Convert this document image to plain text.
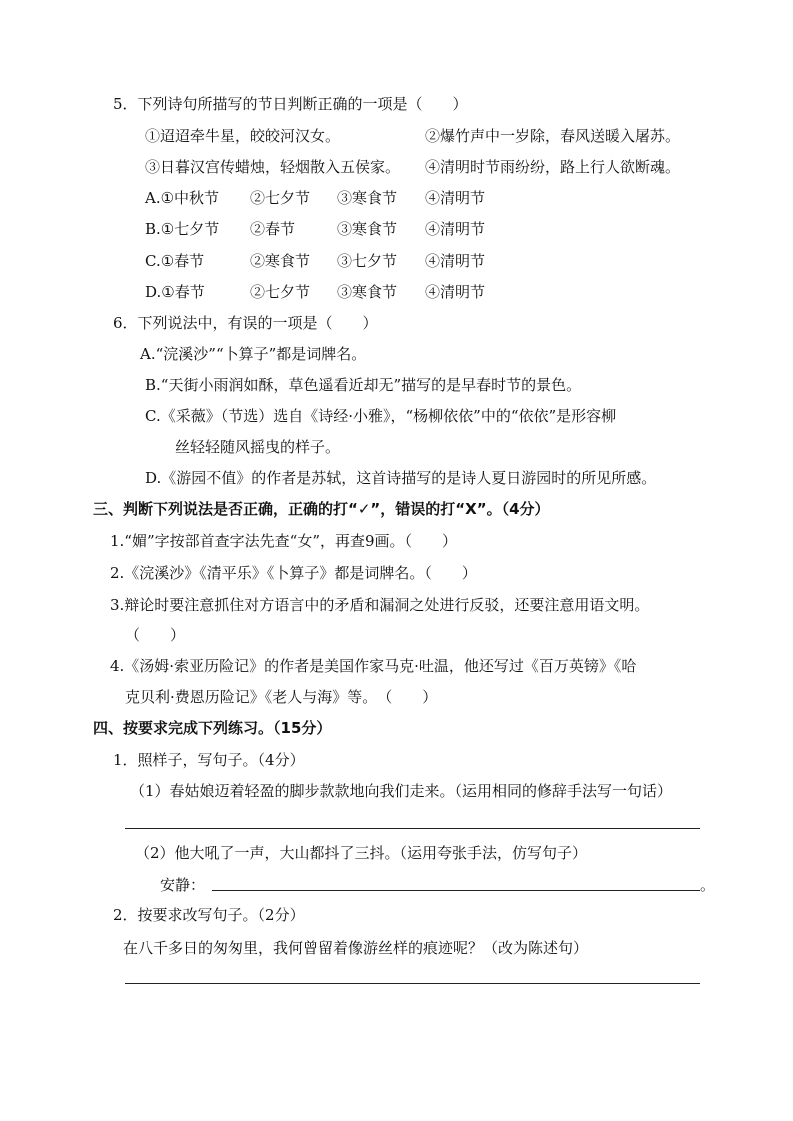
5．下列诗句所描写的节日判断正确的一项是（　　）
①迢迢牵牛星，皎皎河汉女。	②爆竹声中一岁除，春风送暖入屠苏。
③日暮汉宫传蜡烛，轻烟散入五侯家。 ④清明时节雨纷纷，路上行人欲断魂。
A.①中秋节 ②七夕节 ③寒食节 ④清明节
B.①七夕节 ②春节	③寒食节 ④清明节
C.①春节	②寒食节 ③七夕节 ④清明节
D.①春节	②七夕节 ③寒食节 ④清明节
6．下列说法中，有误的一项是（　　）
A.“浣溪沙”“卜算子”都是词牌名。
B.“天街小雨润如酥，草色遥看近却无”描写的是早春时节的景色。
C.《采薇》（节选）选自《诗经·小雅》，“杨柳依依”中的“依依”是形容柳
丝轻轻随风摇曳的样子。
D.《游园不值》的作者是苏轼，这首诗描写的是诗人夏日游园时的所见所感。
三、判断下列说法是否正确，正确的打“✓”，错误的打“X”。（4分）
1.“媚”字按部首查字法先查“女”，再查9画。（　　）
2.《浣溪沙》《清平乐》《卜算子》都是词牌名。（　　）
3.辩论时要注意抓住对方语言中的矛盾和漏洞之处进行反驳，还要注意用语文明。
（　　）
4.《汤姆·索亚历险记》的作者是美国作家马克·吐温，他还写过《百万英镑》《哈
克贝利·费恩历险记》《老人与海》等。　（　　）
四、按要求完成下列练习。（15分）
1．照样子，写句子。（4分）
（1）春姑娘迈着轻盈的脚步款款地向我们走来。（运用相同的修辞手法写一句话）
（2）他大吼了一声，大山都抖了三抖。（运用夸张手法，仿写句子）
安静：	。
2．按要求改写句子。（2分）
在八千多日的匆匆里，我何曾留着像游丝样的痕迹呢？（改为陈述句）
